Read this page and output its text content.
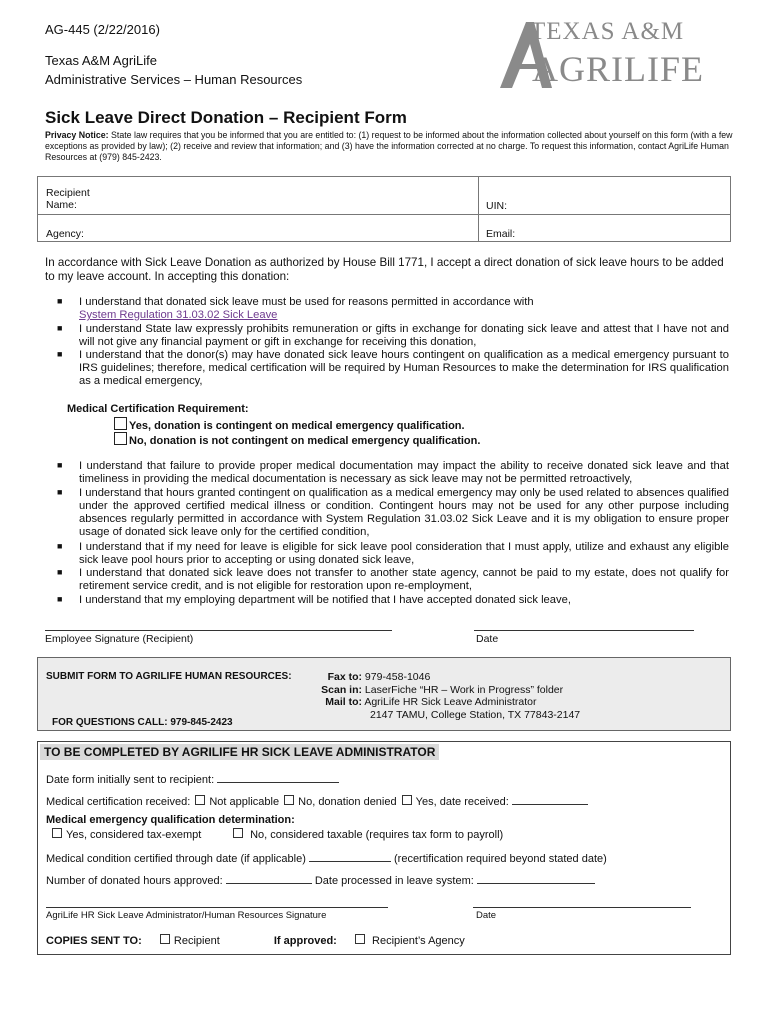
AG-445 (2/22/2016)
Texas A&M AgriLife
Administrative Services – Human Resources
TEXAS A&M
AGRILIFE
Sick Leave Direct Donation – Recipient Form
Privacy Notice: State law requires that you be informed that you are entitled to: (1) request to be informed about the information collected about yourself on this form (with a few exceptions as provided by law); (2) receive and review that information; and (3) have the information corrected at no charge. To request this information, contact AgriLife Human Resources at (979) 845-2423.
Recipient
Name:	UIN:
Agency:	Email:
In accordance with Sick Leave Donation as authorized by House Bill 1771, I accept a direct donation of sick leave hours to be added to my leave account. In accepting this donation:
■ I understand that donated sick leave must be used for reasons permitted in accordance with
System Regulation 31.03.02 Sick Leave
■ I understand State law expressly prohibits remuneration or gifts in exchange for donating sick leave and attest that I have not and will not give any financial payment or gift in exchange for receiving this donation,
■ I understand that the donor(s) may have donated sick leave hours contingent on qualification as a medical emergency pursuant to IRS guidelines; therefore, medical certification will be required by Human Resources to make the determination for IRS qualification as a medical emergency,
Medical Certification Requirement:
Yes, donation is contingent on medical emergency qualification.
No, donation is not contingent on medical emergency qualification.
■ I understand that failure to provide proper medical documentation may impact the ability to receive donated sick leave and that timeliness in providing the medical documentation is necessary as sick leave may not be permitted retroactively,
■ I understand that hours granted contingent on qualification as a medical emergency may only be used related to absences qualified under the approved certified medical illness or condition. Contingent hours may not be used for any other purpose including absences regularly permitted in accordance with System Regulation 31.03.02 Sick Leave and it is my obligation to ensure proper usage of donated sick leave only for the certified condition,
■ I understand that if my need for leave is eligible for sick leave pool consideration that I must apply, utilize and exhaust any eligible sick leave pool hours prior to accepting or using donated sick leave,
■ I understand that donated sick leave does not transfer to another state agency, cannot be paid to my estate, does not qualify for retirement service credit, and is not eligible for restoration upon re-employment,
■ I understand that my employing department will be notified that I have accepted donated sick leave,
Employee Signature (Recipient)	Date
SUBMIT FORM TO AGRILIFE HUMAN RESOURCES:	Fax to: 979-458-1046
Scan in: LaserFiche “HR – Work in Progress” folder
Mail to: AgriLife HR Sick Leave Administrator
2147 TAMU, College Station, TX 77843-2147
FOR QUESTIONS CALL: 979-845-2423
TO BE COMPLETED BY AGRILIFE HR SICK LEAVE ADMINISTRATOR
Date form initially sent to recipient:
Medical certification received: Not applicable No, donation denied Yes, date received:
Medical emergency qualification determination:
Yes, considered tax-exempt	No, considered taxable (requires tax form to payroll)
Medical condition certified through date (if applicable)	(recertification required beyond stated date)
Number of donated hours approved:	Date processed in leave system:
AgriLife HR Sick Leave Administrator/Human Resources Signature	Date
COPIES SENT TO:	Recipient	If approved:	Recipient’s Agency
